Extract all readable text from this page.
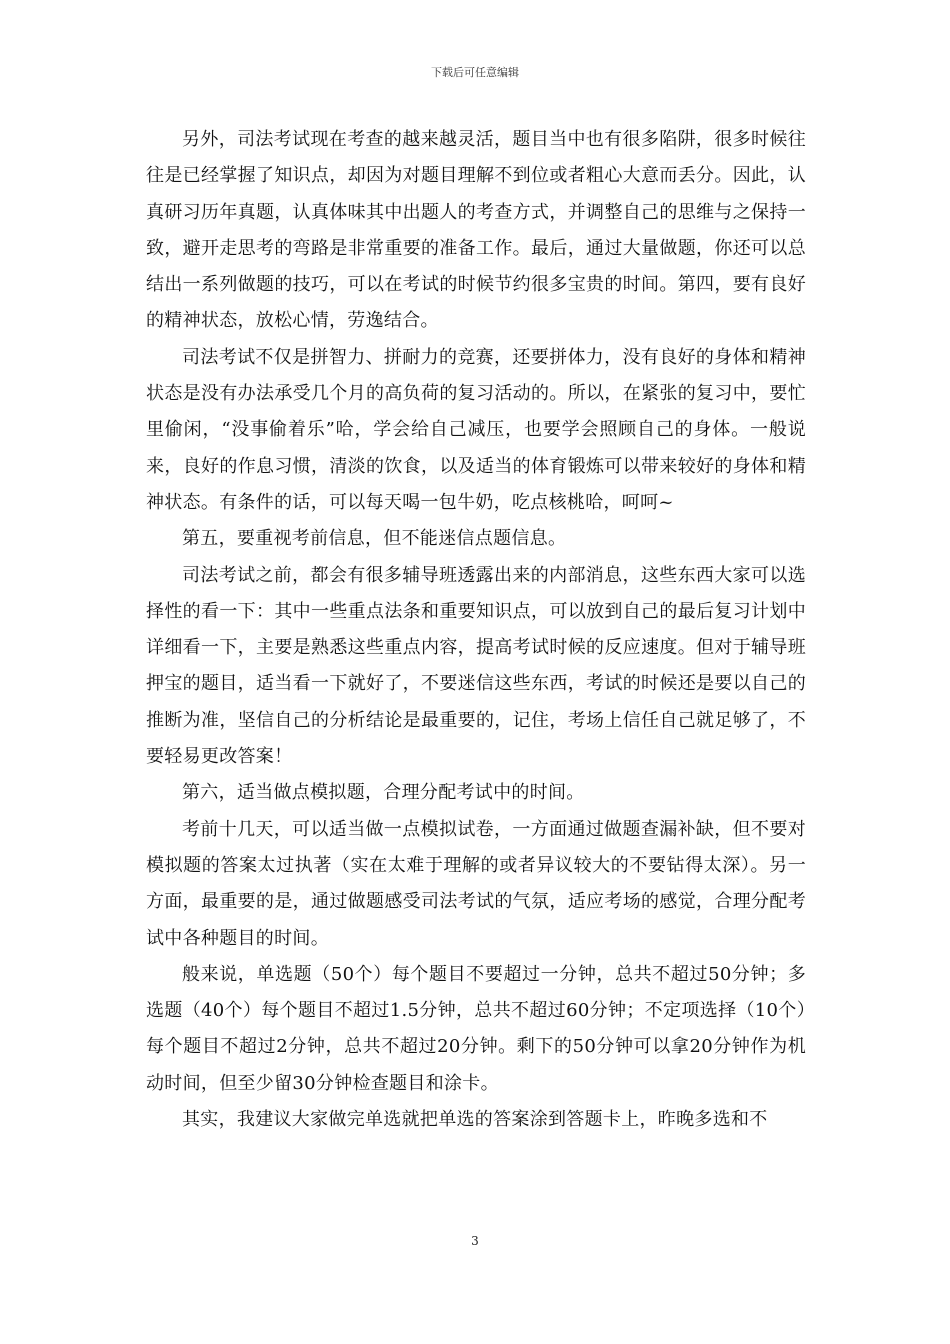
下载后可任意编辑

另外，司法考试现在考查的越来越灵活，题目当中也有很多陷阱，很多时候往往是已经掌握了知识点，却因为对题目理解不到位或者粗心大意而丢分。因此，认真研习历年真题，认真体味其中出题人的考查方式，并调整自己的思维与之保持一致，避开走思考的弯路是非常重要的准备工作。最后，通过大量做题，你还可以总结出一系列做题的技巧，可以在考试的时候节约很多宝贵的时间。第四，要有良好的精神状态，放松心情，劳逸结合。

司法考试不仅是拼智力、拼耐力的竞赛，还要拼体力，没有良好的身体和精神状态是没有办法承受几个月的高负荷的复习活动的。所以，在紧张的复习中，要忙里偷闲，“没事偷着乐”哈，学会给自己减压，也要学会照顾自己的身体。一般说来，良好的作息习惯，清淡的饮食，以及适当的体育锻炼可以带来较好的身体和精神状态。有条件的话，可以每天喝一包牛奶，吃点核桃哈，呵呵~

第五，要重视考前信息，但不能迷信点题信息。

司法考试之前，都会有很多辅导班透露出来的内部消息，这些东西大家可以选择性的看一下：其中一些重点法条和重要知识点，可以放到自己的最后复习计划中详细看一下，主要是熟悉这些重点内容，提高考试时候的反应速度。但对于辅导班押宝的题目，适当看一下就好了，不要迷信这些东西，考试的时候还是要以自己的推断为准，坚信自己的分析结论是最重要的，记住，考场上信任自己就足够了，不要轻易更改答案！

第六，适当做点模拟题，合理分配考试中的时间。

考前十几天，可以适当做一点模拟试卷，一方面通过做题查漏补缺，但不要对模拟题的答案太过执著（实在太难于理解的或者异议较大的不要钻得太深）。另一方面，最重要的是，通过做题感受司法考试的气氛，适应考场的感觉，合理分配考试中各种题目的时间。

般来说，单选题（50个）每个题目不要超过一分钟，总共不超过50分钟；多选题（40个）每个题目不超过1.5分钟，总共不超过60分钟；不定项选择（10个）每个题目不超过2分钟，总共不超过20分钟。剩下的50分钟可以拿20分钟作为机动时间，但至少留30分钟检查题目和涂卡。

其实，我建议大家做完单选就把单选的答案涂到答题卡上，昨晚多选和不

3
